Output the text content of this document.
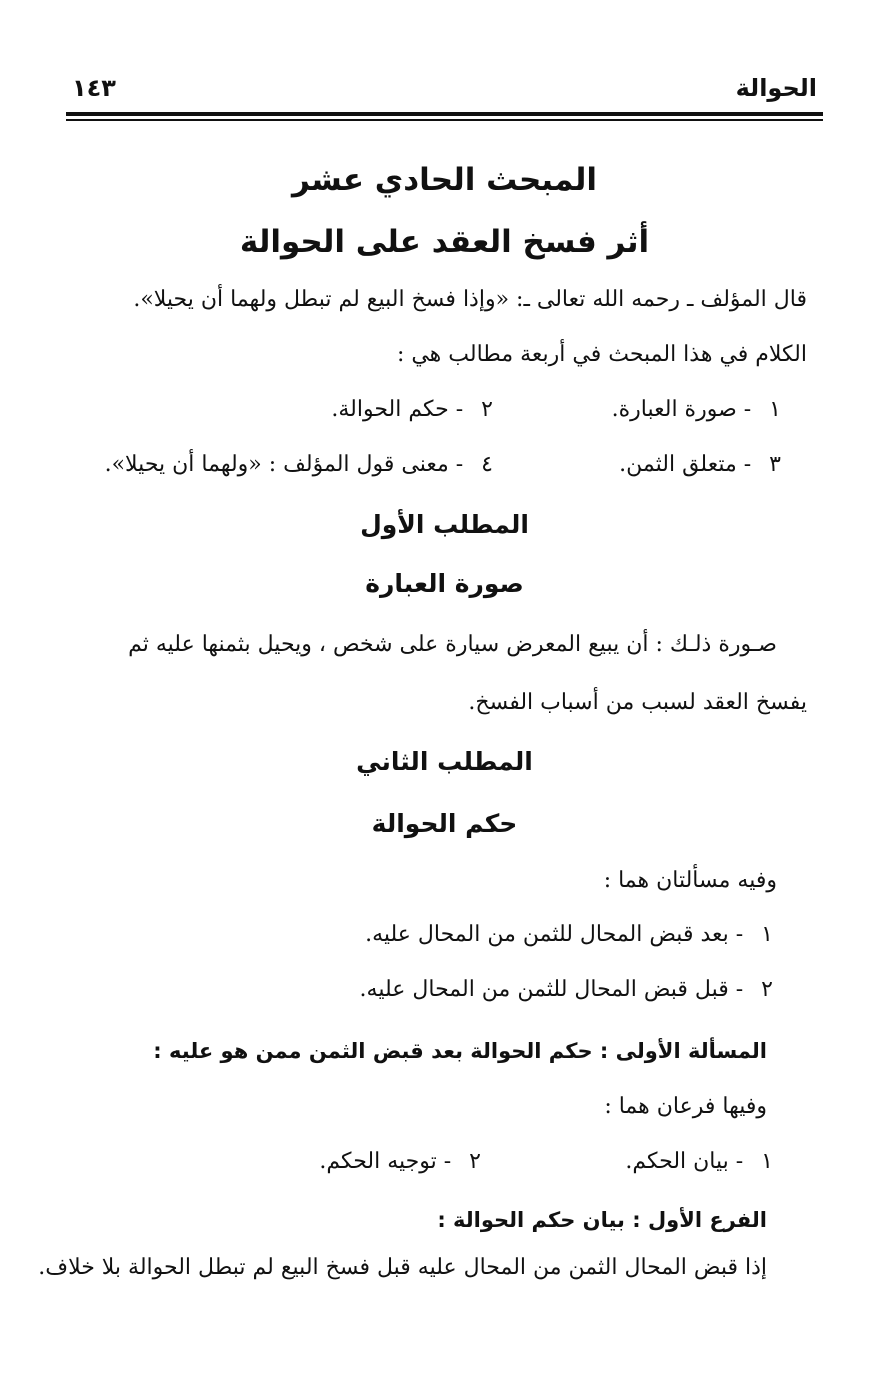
الحوالة
١٤٣
المبحث الحادي عشر
أثر فسخ العقد على الحوالة
قال المؤلف ـ رحمه الله تعالى ـ: «وإذا فسخ البيع لم تبطل ولهما أن يحيلا».
الكلام في هذا المبحث في أربعة مطالب هي :
١- صورة العبارة.
٢- حكم الحوالة.
٣- متعلق الثمن.
٤- معنى قول المؤلف : «ولهما أن يحيلا».
المطلب الأول
صورة العبارة
صـورة ذلـك : أن يبيع المعرض سيارة على شخص ، ويحيل بثمنها عليه ثم
يفسخ العقد لسبب من أسباب الفسخ.
المطلب الثاني
حكم الحوالة
وفيه مسألتان هما :
١- بعد قبض المحال للثمن من المحال عليه.
٢- قبل قبض المحال للثمن من المحال عليه.
المسألة الأولى : حكم الحوالة بعد قبض الثمن ممن هو عليه :
وفيها فرعان هما :
١- بيان الحكم.
٢- توجيه الحكم.
الفرع الأول : بيان حكم الحوالة :
إذا قبض المحال الثمن من المحال عليه قبل فسخ البيع لم تبطل الحوالة بلا خلاف.
